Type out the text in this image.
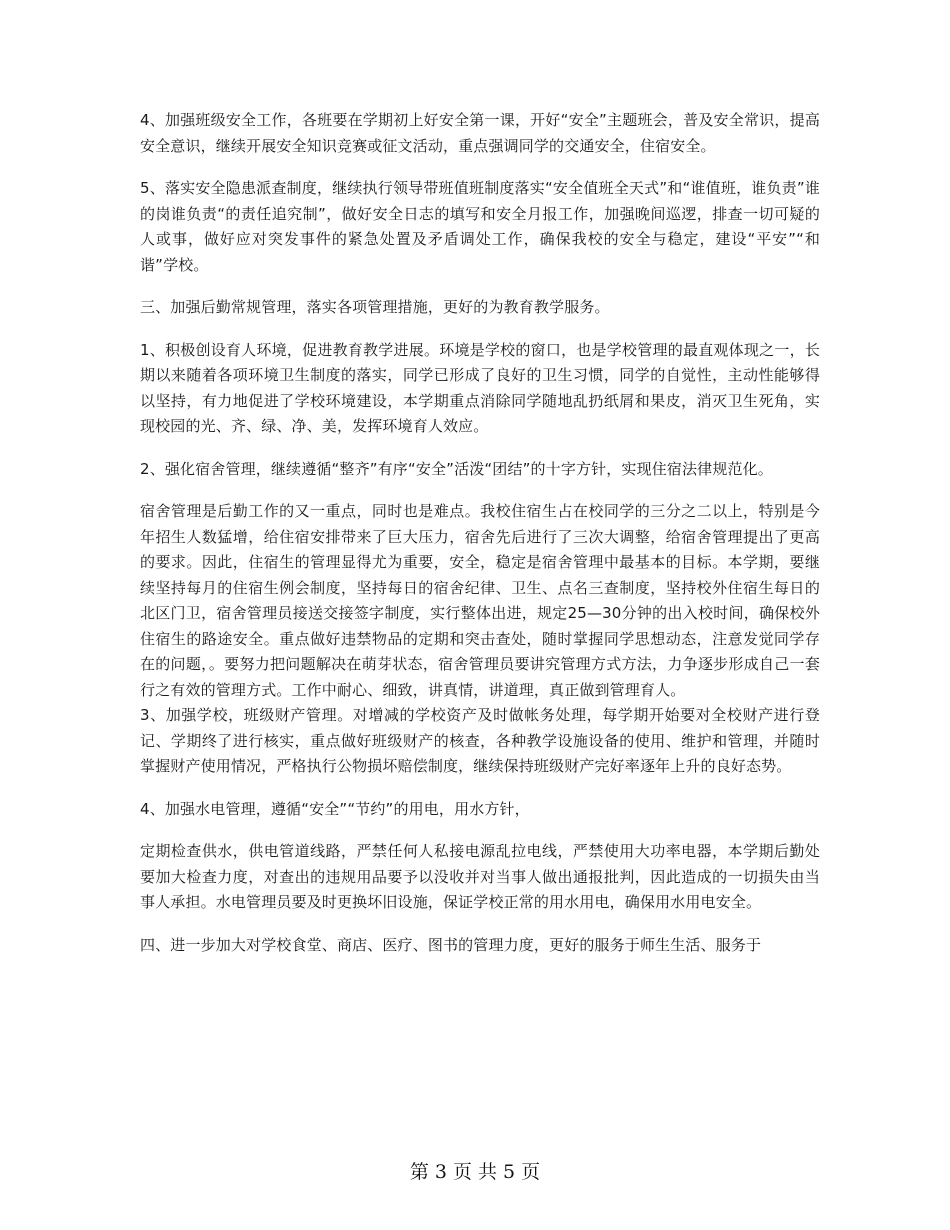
4、加强班级安全工作，各班要在学期初上好安全第一课，开好“安全”主题班会，普及安全常识，提高安全意识，继续开展安全知识竞赛或征文活动，重点强调同学的交通安全，住宿安全。

5、落实安全隐患派查制度，继续执行领导带班值班制度落实“安全值班全天式”和“谁值班，谁负责”谁的岗谁负责“的责任追究制”，做好安全日志的填写和安全月报工作，加强晚间巡逻，排查一切可疑的人或事，做好应对突发事件的紧急处置及矛盾调处工作，确保我校的安全与稳定，建设“平安”“和谐”学校。

三、加强后勤常规管理，落实各项管理措施，更好的为教育教学服务。

1、积极创设育人环境，促进教育教学进展。环境是学校的窗口，也是学校管理的最直观体现之一，长期以来随着各项环境卫生制度的落实，同学已形成了良好的卫生习惯，同学的自觉性，主动性能够得以坚持，有力地促进了学校环境建设，本学期重点消除同学随地乱扔纸屑和果皮，消灭卫生死角，实现校园的光、齐、绿、净、美，发挥环境育人效应。

2、强化宿舍管理，继续遵循“整齐”有序“安全”活泼“团结”的十字方针，实现住宿法律规范化。

宿舍管理是后勤工作的又一重点，同时也是难点。我校住宿生占在校同学的三分之二以上，特别是今年招生人数猛增，给住宿安排带来了巨大压力，宿舍先后进行了三次大调整，给宿舍管理提出了更高的要求。因此，住宿生的管理显得尤为重要，安全，稳定是宿舍管理中最基本的目标。本学期，要继续坚持每月的住宿生例会制度，坚持每日的宿舍纪律、卫生、点名三查制度，坚持校外住宿生每日的北区门卫，宿舍管理员接送交接签字制度，实行整体出进，规定25—30分钟的出入校时间，确保校外住宿生的路途安全。重点做好违禁物品的定期和突击查处，随时掌握同学思想动态，注意发觉同学存在的问题，。要努力把问题解决在萌芽状态，宿舍管理员要讲究管理方式方法，力争逐步形成自己一套行之有效的管理方式。工作中耐心、细致，讲真情，讲道理，真正做到管理育人。

3、加强学校，班级财产管理。对增减的学校资产及时做帐务处理，每学期开始要对全校财产进行登记、学期终了进行核实，重点做好班级财产的核查，各种教学设施设备的使用、维护和管理，并随时掌握财产使用情况，严格执行公物损坏赔偿制度，继续保持班级财产完好率逐年上升的良好态势。

4、加强水电管理，遵循“安全”“节约”的用电，用水方针，

定期检查供水，供电管道线路，严禁任何人私接电源乱拉电线，严禁使用大功率电器，本学期后勤处要加大检查力度，对查出的违规用品要予以没收并对当事人做出通报批判，因此造成的一切损失由当事人承担。水电管理员要及时更换坏旧设施，保证学校正常的用水用电，确保用水用电安全。

四、进一步加大对学校食堂、商店、医疗、图书的管理力度，更好的服务于师生生活、服务于

第 3 页 共 5 页
